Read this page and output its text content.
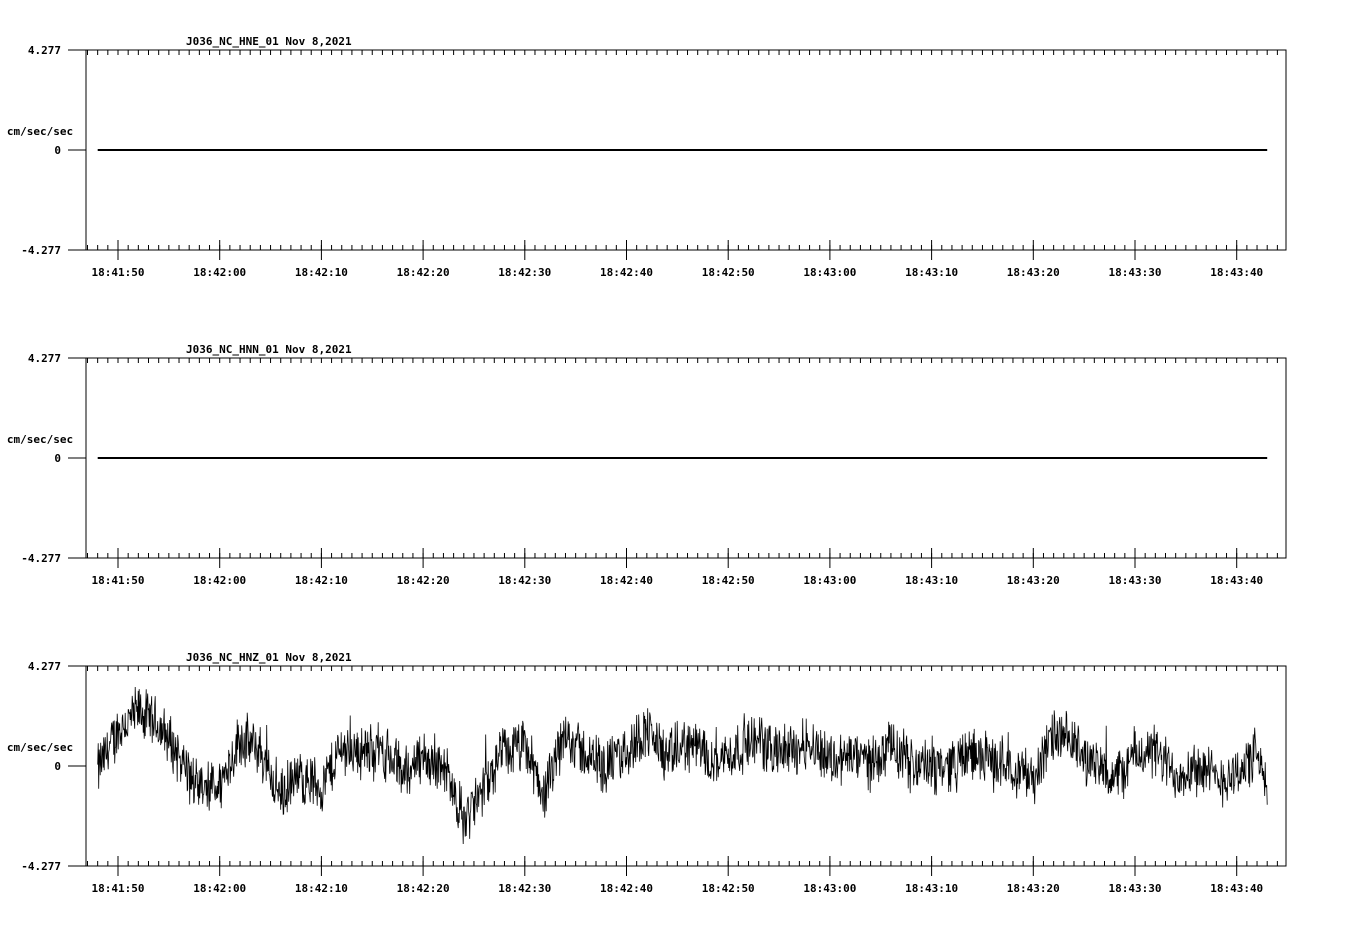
J036_NC_HNE_01 Nov 8,2021
4.277
0
-4.277
cm/sec/sec
18:41:50	18:42:00	18:42:10	18:42:20	18:42:30	18:42:40	18:42:50	18:43:00	18:43:10	18:43:20	18:43:30	18:43:40
J036_NC_HNN_01 Nov 8,2021
4.277
0
-4.277
cm/sec/sec
18:41:50	18:42:00	18:42:10	18:42:20	18:42:30	18:42:40	18:42:50	18:43:00	18:43:10	18:43:20	18:43:30	18:43:40
J036_NC_HNZ_01 Nov 8,2021
4.277
0
-4.277
cm/sec/sec
18:41:50	18:42:00	18:42:10	18:42:20	18:42:30	18:42:40	18:42:50	18:43:00	18:43:10	18:43:20	18:43:30	18:43:40
